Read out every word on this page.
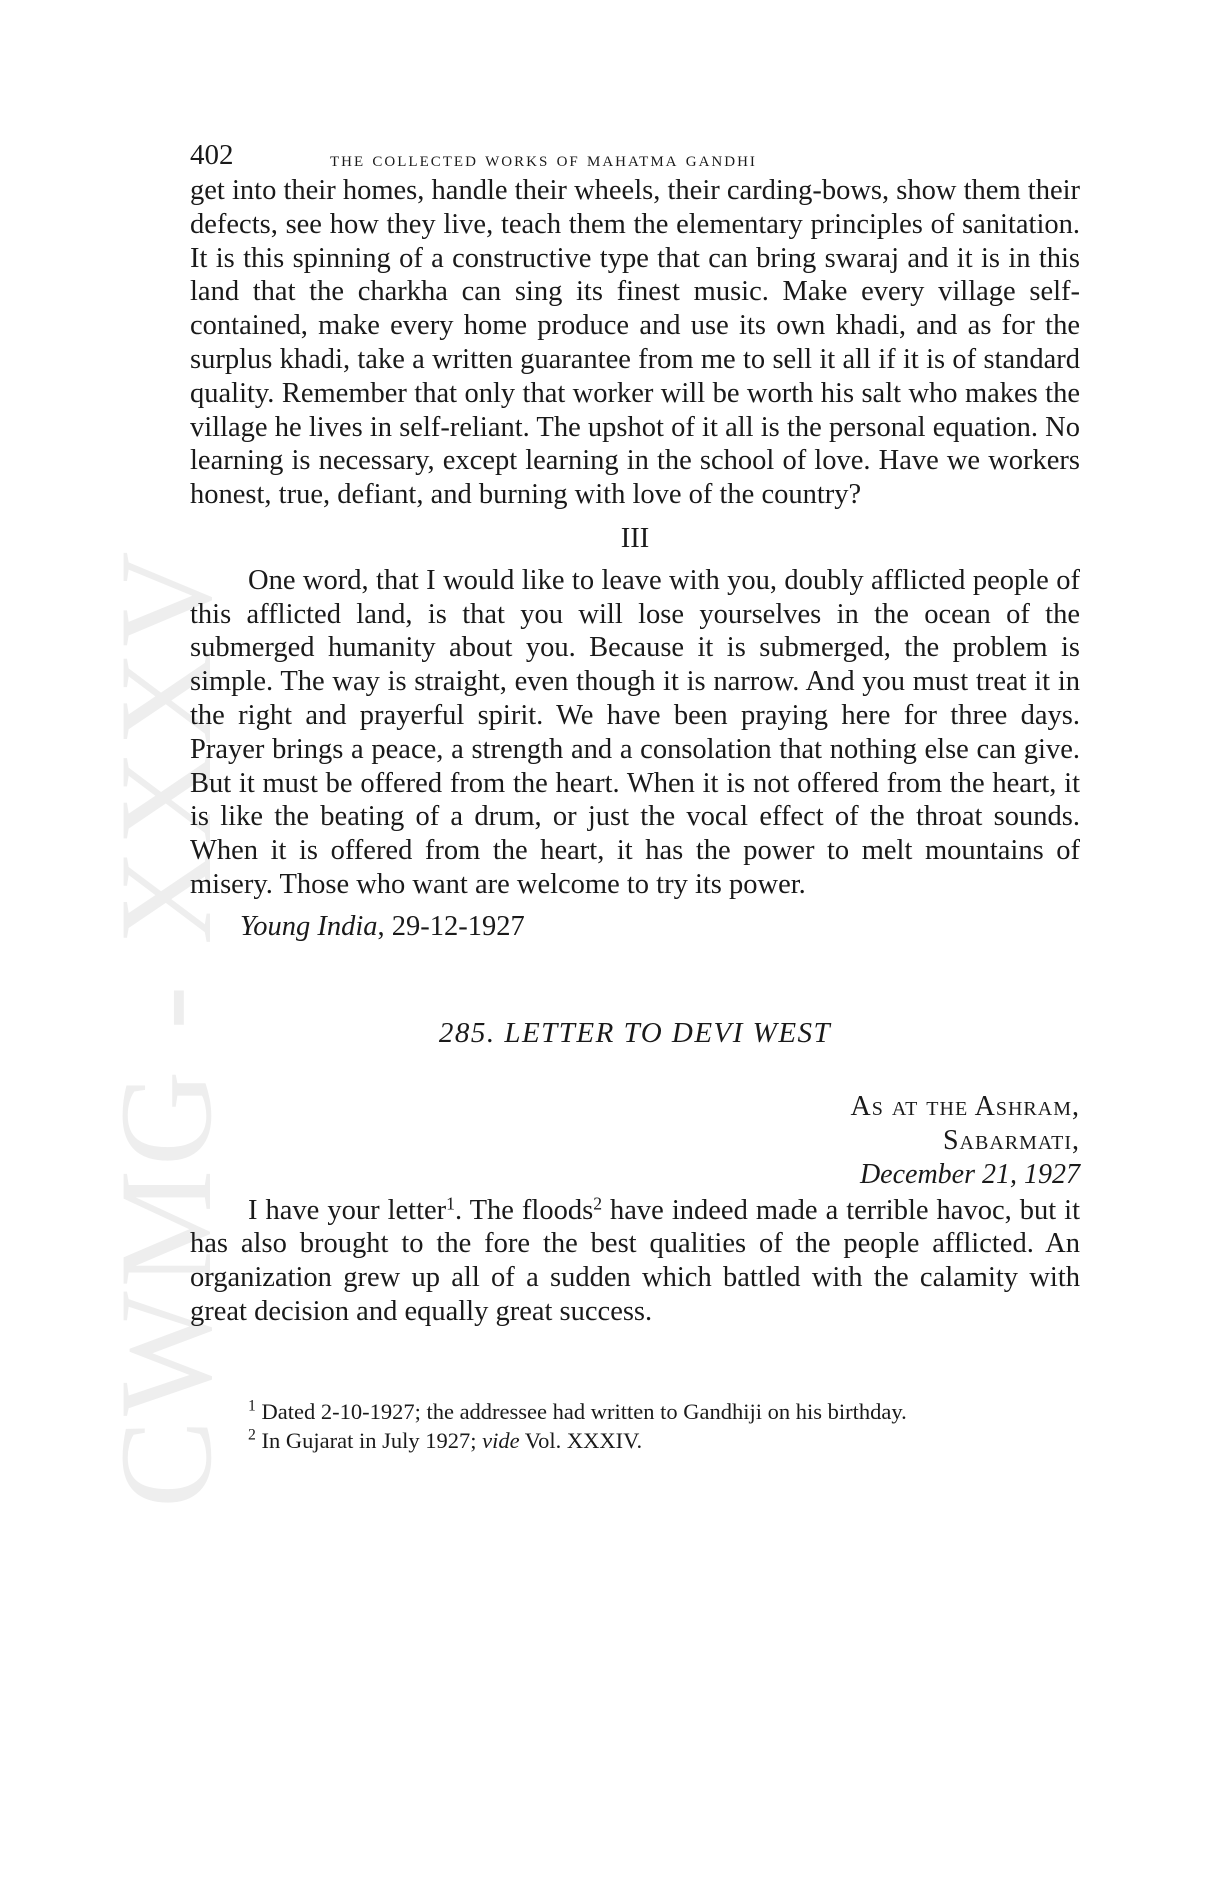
CWMG - XXXV
402	the collected works of mahatma gandhi

get into their homes, handle their wheels, their carding-bows, show them their defects, see how they live, teach them the elementary principles of sanitation. It is this spinning of a constructive type that can bring swaraj and it is in this land that the charkha can sing its finest music. Make every village self-contained, make every home produce and use its own khadi, and as for the surplus khadi, take a written guarantee from me to sell it all if it is of standard quality. Remember that only that worker will be worth his salt who makes the village he lives in self-reliant. The upshot of it all is the personal equation. No learning is necessary, except learning in the school of love. Have we workers honest, true, defiant, and burning with love of the country?

III

One word, that I would like to leave with you, doubly afflicted people of this afflicted land, is that you will lose yourselves in the ocean of the submerged humanity about you. Because it is submerged, the problem is simple. The way is straight, even though it is narrow. And you must treat it in the right and prayerful spirit. We have been praying here for three days. Prayer brings a peace, a strength and a consolation that nothing else can give. But it must be offered from the heart. When it is not offered from the heart, it is like the beating of a drum, or just the vocal effect of the throat sounds. When it is offered from the heart, it has the power to melt mountains of misery. Those who want are welcome to try its power.

Young India, 29-12-1927
285. LETTER TO DEVI WEST
As at the Ashram,
Sabarmati,
December 21, 1927

I have your letter$^1$. The floods$^2$ have indeed made a terrible havoc, but it has also brought to the fore the best qualities of the people afflicted. An organization grew up all of a sudden which battled with the calamity with great decision and equally great success.

$^1$ Dated 2-10-1927; the addressee had written to Gandhiji on his birthday.
$^2$ In Gujarat in July 1927; vide Vol. XXXIV.
